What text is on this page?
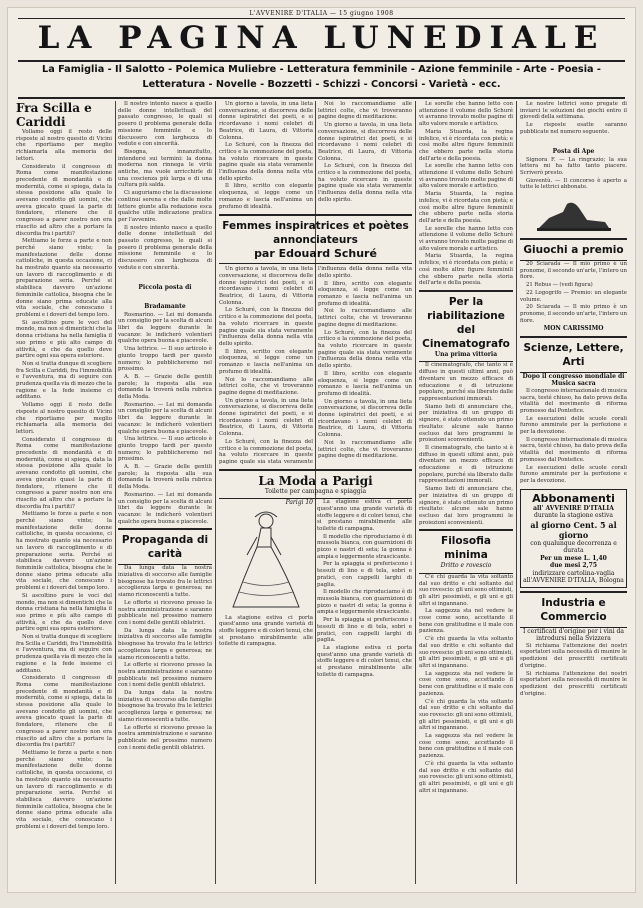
L'AVVENIRE D'ITALIA — 15 giugno 1908
LA PAGINA LUNEDIALE
La Famiglia - Il Salotto - Polemica Muliebre - Letteratura femminile - Azione femminile - Arte - Poesia - Letteratura - Novelle - Bozzetti - Schizzi - Concorsi - Varietà - ecc.
Fra Scilla e Cariddi

Vollamo oggi il resto delle risposte al nostro quesito di Vicini che riportiamo per meglio richiamarla alla memoria dei lettori.

Considerato il congresso di Roma come manifestazione precedente di mondanità e di modernità, come si spiega, data la stessa posizione alla quale lo avevano condotto gli uomini, che aveva giocato quasi la parte di fondatore, ritenere che il congresso a parer nostro non era riuscito ad altro che a portare la discordia fra i partiti?

Mettiamo le forze a parte e non perché siano vinte; la manifestazione delle donne cattoliche, in questa occasione, ci ha mostrato quanto sia necessario un lavoro di raccoglimento e di preparazione seria. Perché si stabilisca davvero un'azione femminile cattolica, bisogna che le donne siano prima educate alla vita sociale, che conoscano i problemi e i doveri del tempo loro.

Si ascoltino pure le voci del mondo, ma non si dimentichi che la donna cristiana ha nella famiglia il suo primo e più alto campo di attività, e che da quello deve partire ogni sua opera esteriore.

Non si tratta dunque di scegliere fra Scilla e Cariddi, fra l'immobilità e l'avventura, ma di seguire con prudenza quella via di mezzo che la ragione e la fede insieme ci additano.

Vollamo oggi il resto delle risposte al nostro quesito di Vicini che riportiamo per meglio richiamarla alla memoria dei lettori.

Considerato il congresso di Roma come manifestazione precedente di mondanità e di modernità, come si spiega, data la stessa posizione alla quale lo avevano condotto gli uomini, che aveva giocato quasi la parte di fondatore, ritenere che il congresso a parer nostro non era riuscito ad altro che a portare la discordia fra i partiti?

Mettiamo le forze a parte e non perché siano vinte; la manifestazione delle donne cattoliche, in questa occasione, ci ha mostrato quanto sia necessario un lavoro di raccoglimento e di preparazione seria. Perché si stabilisca davvero un'azione femminile cattolica, bisogna che le donne siano prima educate alla vita sociale, che conoscano i problemi e i doveri del tempo loro.

Si ascoltino pure le voci del mondo, ma non si dimentichi che la donna cristiana ha nella famiglia il suo primo e più alto campo di attività, e che da quello deve partire ogni sua opera esteriore.

Non si tratta dunque di scegliere fra Scilla e Cariddi, fra l'immobilità e l'avventura, ma di seguire con prudenza quella via di mezzo che la ragione e la fede insieme ci additano.

Considerato il congresso di Roma come manifestazione precedente di mondanità e di modernità, come si spiega, data la stessa posizione alla quale lo avevano condotto gli uomini, che aveva giocato quasi la parte di fondatore, ritenere che il congresso a parer nostro non era riuscito ad altro che a portare la discordia fra i partiti?

Mettiamo le forze a parte e non perché siano vinte; la manifestazione delle donne cattoliche, in questa occasione, ci ha mostrato quanto sia necessario un lavoro di raccoglimento e di preparazione seria. Perché si stabilisca davvero un'azione femminile cattolica, bisogna che le donne siano prima educate alla vita sociale, che conoscano i problemi e i doveri del tempo loro.

Il nostro intento nasce a quello delle donne intellettuali del passato congresso, le quali si posero il problema generale della missione femminile e lo discussero con larghezza di vedute e con sincerità.

Bisogna, innanzitutto, intendersi sui termini: la donna moderna non rinnega le virtù antiche, ma vuole arricchirle di una coscienza più larga e di una cultura più salda.

Ci auguriamo che la discussione continui serena e che dalle molte lettere giunte alla redazione esca qualche utile indicazione pratica per l'avvenire.

Il nostro intento nasce a quello delle donne intellettuali del passato congresso, le quali si posero il problema generale della missione femminile e lo discussero con larghezza di vedute e con sincerità.

Piccola posta di Bradamante

Rosmarino. — Lei mi domanda un consiglio per la scelta di alcuni libri da leggere durante le vacanze: le indicherò volentieri qualche opera buona e piacevole.

Una lettrice. — Il suo articolo è giunto troppo tardi per questo numero; lo pubblicheremo nel prossimo.

A. B. — Grazie delle gentili parole; la risposta alla sua domanda la troverà nella rubrica della Moda.

Rosmarino. — Lei mi domanda un consiglio per la scelta di alcuni libri da leggere durante le vacanze: le indicherò volentieri qualche opera buona e piacevole.

Una lettrice. — Il suo articolo è giunto troppo tardi per questo numero; lo pubblicheremo nel prossimo.

A. B. — Grazie delle gentili parole; la risposta alla sua domanda la troverà nella rubrica della Moda.

Rosmarino. — Lei mi domanda un consiglio per la scelta di alcuni libri da leggere durante le vacanze: le indicherò volentieri qualche opera buona e piacevole.

Propaganda di carità

Da lunga data la nostra iniziativa di soccorso alle famiglie bisognose ha trovato fra le lettrici accoglienza larga e generosa; ne siamo riconoscenti a tutte.

Le offerte si ricevono presso la nostra amministrazione e saranno pubblicate nel prossimo numero con i nomi delle gentili oblatrici.

Da lunga data la nostra iniziativa di soccorso alle famiglie bisognose ha trovato fra le lettrici accoglienza larga e generosa; ne siamo riconoscenti a tutte.

Le offerte si ricevono presso la nostra amministrazione e saranno pubblicate nel prossimo numero con i nomi delle gentili oblatrici.

Da lunga data la nostra iniziativa di soccorso alle famiglie bisognose ha trovato fra le lettrici accoglienza larga e generosa; ne siamo riconoscenti a tutte.

Le offerte si ricevono presso la nostra amministrazione e saranno pubblicate nel prossimo numero con i nomi delle gentili oblatrici.

Un giorno a tavola, in una lieta conversazione, si discorreva delle donne ispiratrici dei poeti, e si ricordavano i nomi celebri di Beatrice, di Laura, di Vittoria Colonna.

Lo Schuré, con la finezza del critico e la commozione del poeta, ha voluto ricercare in queste pagine quale sia stata veramente l'influenza della donna nella vita dello spirito.

Il libro, scritto con elegante eloquenza, si legge come un romanzo e lascia nell'anima un profumo di idealità.

Noi lo raccomandiamo alle lettrici colte, che vi troveranno pagine degne di meditazione.

Un giorno a tavola, in una lieta conversazione, si discorreva delle donne ispiratrici dei poeti, e si ricordavano i nomi celebri di Beatrice, di Laura, di Vittoria Colonna.

Lo Schuré, con la finezza del critico e la commozione del poeta, ha voluto ricercare in queste pagine quale sia stata veramente l'influenza della donna nella vita dello spirito.

Femmes inspiratrices et poètes annonciateurs
par Edouard Schuré

Un giorno a tavola, in una lieta conversazione, si discorreva delle donne ispiratrici dei poeti, e si ricordavano i nomi celebri di Beatrice, di Laura, di Vittoria Colonna.

Lo Schuré, con la finezza del critico e la commozione del poeta, ha voluto ricercare in queste pagine quale sia stata veramente l'influenza della donna nella vita dello spirito.

Il libro, scritto con elegante eloquenza, si legge come un romanzo e lascia nell'anima un profumo di idealità.

Noi lo raccomandiamo alle lettrici colte, che vi troveranno pagine degne di meditazione.

Un giorno a tavola, in una lieta conversazione, si discorreva delle donne ispiratrici dei poeti, e si ricordavano i nomi celebri di Beatrice, di Laura, di Vittoria Colonna.

Lo Schuré, con la finezza del critico e la commozione del poeta, ha voluto ricercare in queste pagine quale sia stata veramente l'influenza della donna nella vita dello spirito.

Il libro, scritto con elegante eloquenza, si legge come un romanzo e lascia nell'anima un profumo di idealità.

Noi lo raccomandiamo alle lettrici colte, che vi troveranno pagine degne di meditazione.

Lo Schuré, con la finezza del critico e la commozione del poeta, ha voluto ricercare in queste pagine quale sia stata veramente l'influenza della donna nella vita dello spirito.

Il libro, scritto con elegante eloquenza, si legge come un romanzo e lascia nell'anima un profumo di idealità.

Un giorno a tavola, in una lieta conversazione, si discorreva delle donne ispiratrici dei poeti, e si ricordavano i nomi celebri di Beatrice, di Laura, di Vittoria Colonna.

Noi lo raccomandiamo alle lettrici colte, che vi troveranno pagine degne di meditazione.

La Moda a Parigi
Toilette per campagna e spiaggia
Parigi 10

La stagione estiva ci porta quest'anno una grande varietà di stoffe leggere e di colori tenui, che si prestano mirabilmente alle toilette di campagna.

La stagione estiva ci porta quest'anno una grande varietà di stoffe leggere e di colori tenui, che si prestano mirabilmente alle toilette di campagna.

Il modello che riproduciamo è di mussola bianca, con guarnizioni di pizzo e nastri di seta; la gonna è ampia e leggermente strascicante.

Per la spiaggia si preferiscono i tessuti di lino e di tela, sobri e pratici, con cappelli larghi di paglia.

Il modello che riproduciamo è di mussola bianca, con guarnizioni di pizzo e nastri di seta; la gonna è ampia e leggermente strascicante.

Per la spiaggia si preferiscono i tessuti di lino e di tela, sobri e pratici, con cappelli larghi di paglia.

La stagione estiva ci porta quest'anno una grande varietà di stoffe leggere e di colori tenui, che si prestano mirabilmente alle toilette di campagna.

Le sorelle che hanno letto con attenzione il volume dello Schuré vi avranno trovato molte pagine di alto valore morale e artistico.

Maria Stuarda, la regina infelice, vi è ricordata con pietà; e così molte altre figure femminili che ebbero parte nella storia dell'arte e della poesia.

Le sorelle che hanno letto con attenzione il volume dello Schuré vi avranno trovato molte pagine di alto valore morale e artistico.

Maria Stuarda, la regina infelice, vi è ricordata con pietà; e così molte altre figure femminili che ebbero parte nella storia dell'arte e della poesia.

Le sorelle che hanno letto con attenzione il volume dello Schuré vi avranno trovato molte pagine di alto valore morale e artistico.

Maria Stuarda, la regina infelice, vi è ricordata con pietà; e così molte altre figure femminili che ebbero parte nella storia dell'arte e della poesia.

Per la riabilitazione del Cinematografo
Una prima vittoria

Il cinematografo, che tanto si è diffuso in questi ultimi anni, può diventare un mezzo efficace di educazione e di istruzione popolare, purché sia liberato dalle rappresentazioni immorali.

Siamo lieti di annunciare che, per iniziativa di un gruppo di signore, è stato ottenuto un primo risultato: alcune sale hanno escluso dai loro programmi le proiezioni sconvenienti.

Il cinematografo, che tanto si è diffuso in questi ultimi anni, può diventare un mezzo efficace di educazione e di istruzione popolare, purché sia liberato dalle rappresentazioni immorali.

Siamo lieti di annunciare che, per iniziativa di un gruppo di signore, è stato ottenuto un primo risultato: alcune sale hanno escluso dai loro programmi le proiezioni sconvenienti.

Filosofia minima
Dritto e rovescio

C'è chi guarda la vita soltanto dal suo dritto e chi soltanto dal suo rovescio: gli uni sono ottimisti, gli altri pessimisti, e gli uni e gli altri si ingannano.

La saggezza sta nel vedere le cose come sono, accettando il bene con gratitudine e il male con pazienza.

C'è chi guarda la vita soltanto dal suo dritto e chi soltanto dal suo rovescio: gli uni sono ottimisti, gli altri pessimisti, e gli uni e gli altri si ingannano.

La saggezza sta nel vedere le cose come sono, accettando il bene con gratitudine e il male con pazienza.

C'è chi guarda la vita soltanto dal suo dritto e chi soltanto dal suo rovescio: gli uni sono ottimisti, gli altri pessimisti, e gli uni e gli altri si ingannano.

La saggezza sta nel vedere le cose come sono, accettando il bene con gratitudine e il male con pazienza.

C'è chi guarda la vita soltanto dal suo dritto e chi soltanto dal suo rovescio: gli uni sono ottimisti, gli altri pessimisti, e gli uni e gli altri si ingannano.

Le nostre lettrici sono pregate di inviarci le soluzioni dei giochi entro il giovedì della settimana.

Le risposte esatte saranno pubblicate nel numero seguente.

Posta di Ape

Signora F. — La ringrazio; la sua lettera mi ha fatto tanto piacere. Scriverò presto.

Gioventù. — Il concorso è aperto a tutte le lettrici abbonate.

Giuochi a premio

20 Sciarada — Il mio primo è un pronome, il secondo un'arte, l'intero un fiore.

21 Rebus — (vedi figura)

22 Logogrifo — Premio: un elegante volume.

20 Sciarada — Il mio primo è un pronome, il secondo un'arte, l'intero un fiore.

MON CARISSIMO
Scienze, Lettere, Arti
Dopo il congresso mondiale di Musica sacra

Il congresso internazionale di musica sacra, testé chiuso, ha dato prova della vitalità del movimento di riforma promosso dal Pontefice.

Le esecuzioni delle scuole corali furono ammirate per la perfezione e per la devozione.

Il congresso internazionale di musica sacra, testé chiuso, ha dato prova della vitalità del movimento di riforma promosso dal Pontefice.

Le esecuzioni delle scuole corali furono ammirate per la perfezione e per la devozione.

Abbonamenti
all' AVVENIRE D'ITALIA
durante la stagione estiva
al giorno Cent. 5 al giorno
con qualunque decorrenza e durata
Per un mese L. 1,40
due mesi 2,75
indirizzare cartolina-vaglia all'AVVENIRE D'ITALIA, Bologna
Industria e Commercio
I certificati d'origine per i vini da introdursi nella Svizzera

Si richiama l'attenzione dei nostri esportatori sulla necessità di munire le spedizioni dei prescritti certificati d'origine.

Si richiama l'attenzione dei nostri esportatori sulla necessità di munire le spedizioni dei prescritti certificati d'origine.
